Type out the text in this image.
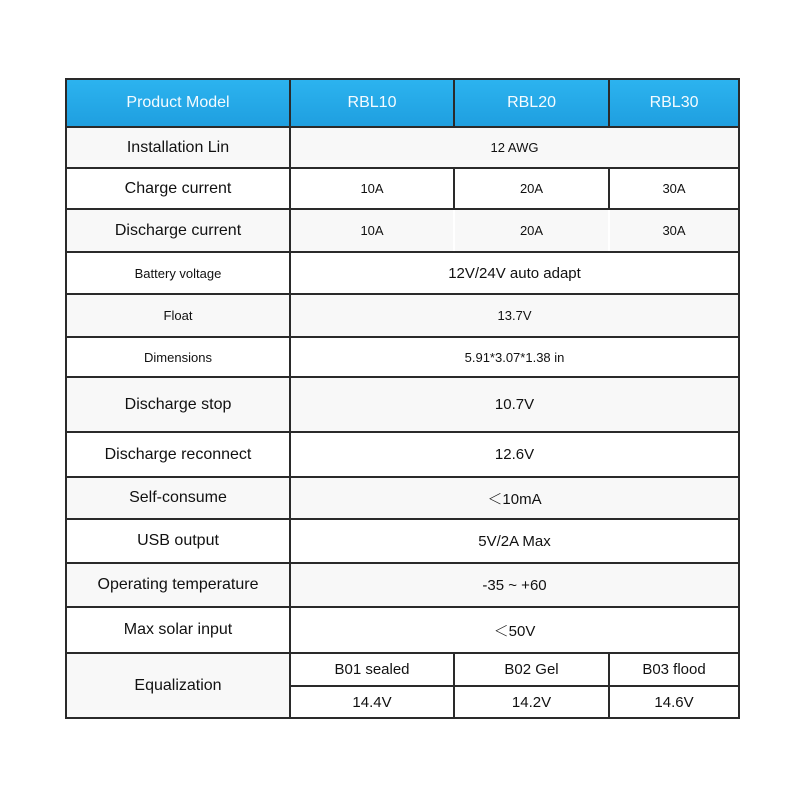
Product Model	RBL10	RBL20	RBL30
Installation Lin	12 AWG		
Charge current	10A	20A	30A
Discharge current	10A	20A	30A
Battery voltage	12V/24V auto adapt		
Float	13.7V		
Dimensions	5.91*3.07*1.38 in		
Discharge stop	10.7V		
Discharge reconnect	12.6V		
Self-consume	＜10mA		
USB output	5V/2A Max		
Operating temperature	-35 ~ +60		
Max solar input	＜50V		
Equalization	B01 sealed	B02 Gel	B03 flood
	14.4V	14.2V	14.6V
